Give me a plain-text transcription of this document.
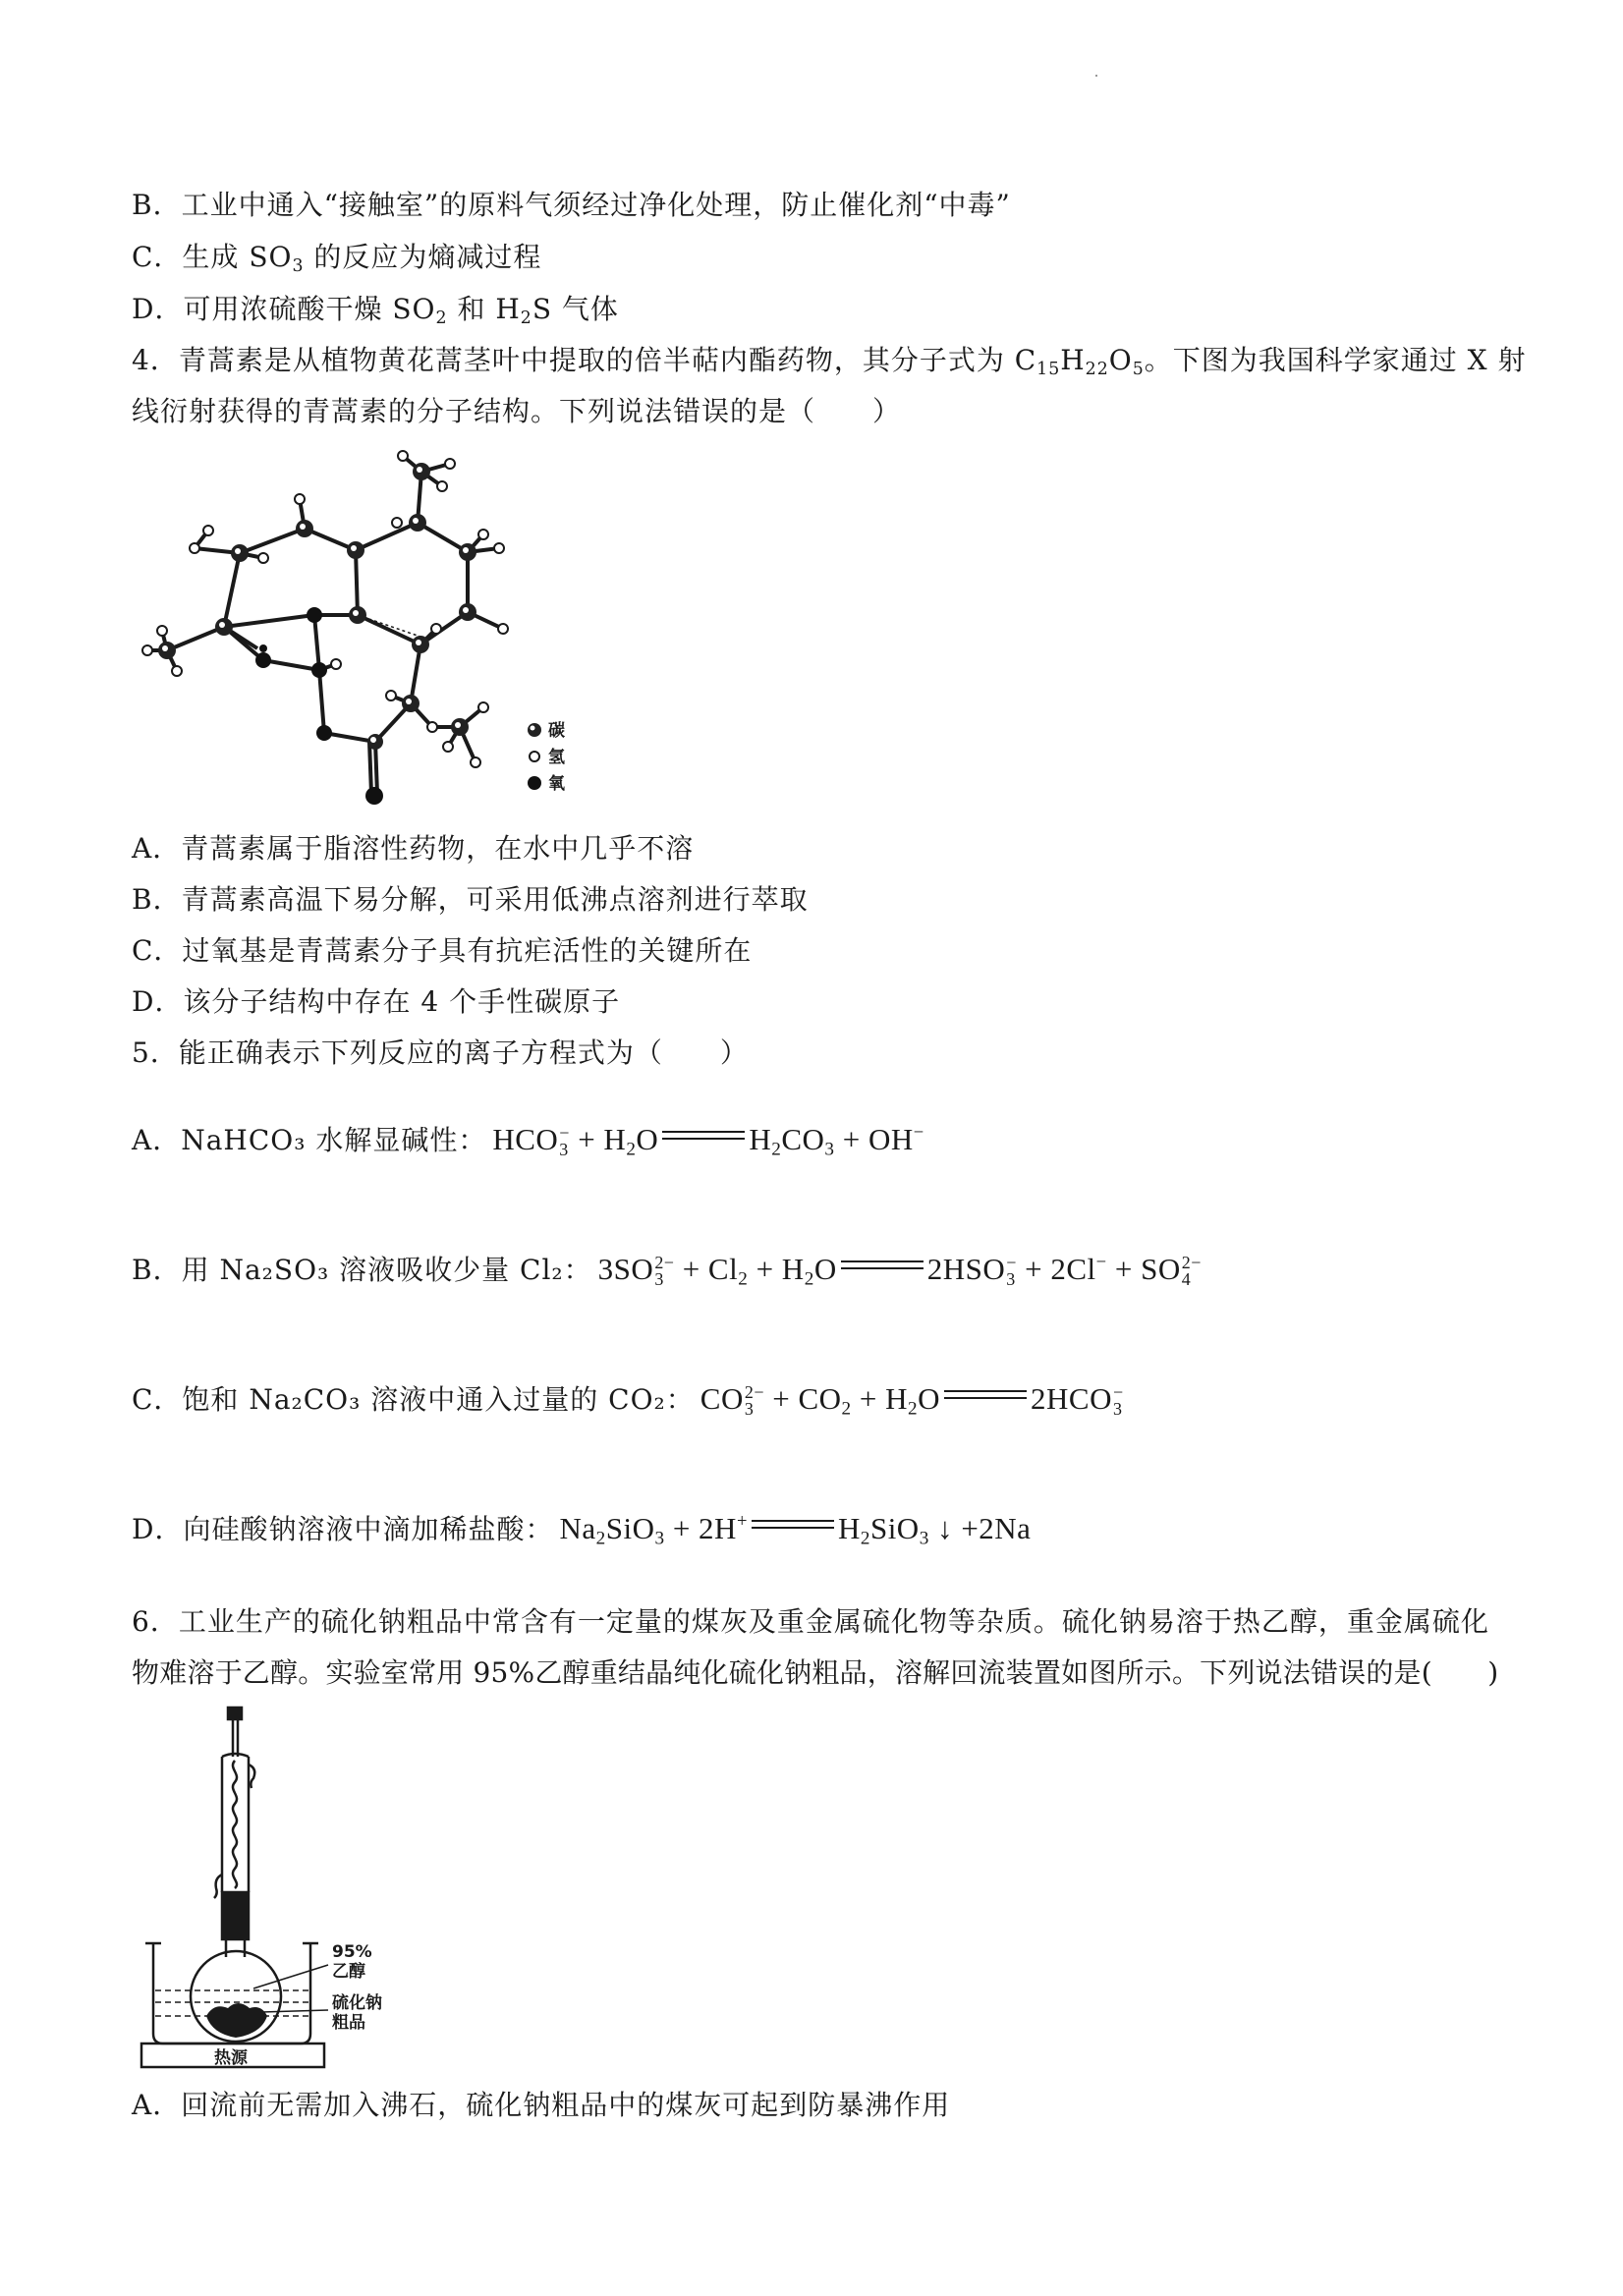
B．工业中通入“接触室”的原料气须经过净化处理，防止催化剂“中毒”
C．生成 $SO_3$ 的反应为熵减过程
D．可用浓硫酸干燥 $SO_2$ 和 $H_2S$ 气体
4．青蒿素是从植物黄花蒿茎叶中提取的倍半萜内酯药物，其分子式为 $C_{15}H_{22}O_5$。下图为我国科学家通过 X 射
线衍射获得的青蒿素的分子结构。下列说法错误的是（　　）
碳
氢
氧
A．青蒿素属于脂溶性药物，在水中几乎不溶
B．青蒿素高温下易分解，可采用低沸点溶剂进行萃取
C．过氧基是青蒿素分子具有抗疟活性的关键所在
D．该分子结构中存在 4 个手性碳原子
5．能正确表示下列反应的离子方程式为（　　）
A．NaHCO₃ 水解显碱性： HCO −
$3 + H_2O$	$H_2CO_3 + OH^-$
B．用 Na₂SO₃ 溶液吸收少量 Cl₂： 3SO 2−
$3 + Cl_2 + H_2O$	2HSO −
3 + 2Cl− + SO 2−
4
C．饱和 Na₂CO₃ 溶液中通入过量的 CO₂： CO 2−
$3 + CO_2 + H_2O$	2HCO −
3
D．向硅酸钠溶液中滴加稀盐酸： $Na_2SiO_3 + 2H^+$	$H_2SiO_3$ ↓ +2Na
6．工业生产的硫化钠粗品中常含有一定量的煤灰及重金属硫化物等杂质。硫化钠易溶于热乙醇，重金属硫化
物难溶于乙醇。实验室常用 95%乙醇重结晶纯化硫化钠粗品，溶解回流装置如图所示。下列说法错误的是(　　)
95%
乙醇
硫化钠
粗品
热源
A．回流前无需加入沸石，硫化钠粗品中的煤灰可起到防暴沸作用
